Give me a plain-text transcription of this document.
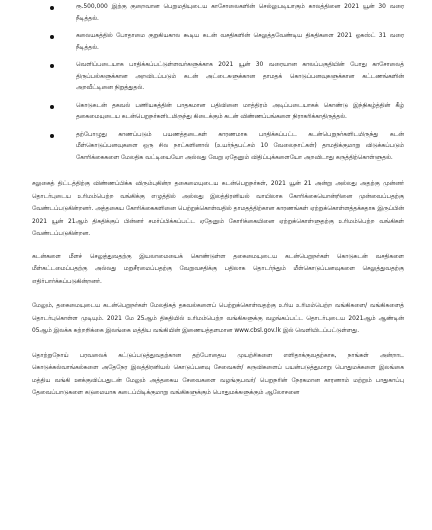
ரூ.500,000 இற்கு குறைவான பெறுமதியுடைய காசோலைகளின் செல்லுபடியாகும் காலத்தினை 2021 யூன் 30 வரை நீடித்தல்.
கலையகத்தில் போதாமை குறுகியகால கூடிய கடன் வசதிகளின் செலுத்தவேண்டிய திகதிகளை 2021 ஓகஸ்ட் 31 வரை நீடித்தல்.
வெளிப்படையாக பாதிக்கப்பட்டுள்ளவர்களுக்காக 2021 யூன் 30 வரையான காலப்பகுதியின் போது காசோலைத் திருப்பல்களுக்கான அறவிடப்படும் கடன் அட்டைகளுக்கான தாமதக் கொடுப்பனவுகளுக்கான கட்டணங்களின் அறவீட்டினை நிறுத்துதல்.
கொடுகடன் தகவல் பணியகத்தின் பாதகமான பதிவினை மாத்திரம் அடிப்படையாகக் கொண்டு இந்நிகழ்த்தின் கீழ் தகைமையுடைய கடன்பெறுநர்களிடமிருந்து கிடைக்கும் கடன் விண்ணப்பங்களை நிராகரிக்காதிருத்தல்.
தற்போழுது காணப்படும் பயணத்தடைகள் காரணமாக பாதிக்கப்பட்ட கடன்பெறுநர்களிடமிருந்து கடன் மீள்கொடுப்பனவுகளை ஒரு சில நாட்களினால் (உயர்ந்தபட்சம் 10 வேலைநாட்கள்) தாமதிக்குமாறு விடுக்கப்படும் கோரிக்கைகளை மேலதிக வட்டியையோ அல்லது வேறு ஏதேனும் விதிப்புக்களையோ அறவிடாது கருத்திற்கொள்ளுதல்.

சலுகைத் திட்டத்திற்கு விண்ணப்பிக்க விரும்புகின்ற தகைமையுடைய கடன்பெறுநர்கள், 2021 யூன் 21 அன்று அல்லது அதற்கு முன்னர் தொடர்புடைய உரிமம்பெற்ற வங்கிக்கு எழுத்தில் அல்லது இலத்திரனியல் வாயிலாக கோரிக்கையொன்றினை முன்வைப்பதற்கு வேண்டப்படுகின்றனர். அத்தகைய கோரிக்கைகளினை பெற்றுக்கொள்வதில் தாமதத்திற்கான காரணங்கள் ஏற்றுக்கொள்ளத்தக்கதாக இருப்பின் 2021 யூன் 21ஆம் திகதிக்குப் பின்னர் சமர்ப்பிக்கப்பட்ட ஏதேனும் கோரிக்கையினை ஏற்றுக்கொள்ளுதற்கு உரிமம்பெற்ற வங்கிகள் வேண்டப்படுகின்றன.

கடன்களை மீளச் செலுத்துவதற்கு இயலாமையைக் கொண்டுள்ள தகைமையுடைய கடன்பெறுநர்கள் கொடுகடன் வசதிகளை மீள்கட்டமைப்பதற்கு அல்லது மறுசீரமைப்பதற்கு வேறுவசதிக்கு பதிலாக தொடர்ந்தும் மீள்கொடுப்பனவுகளை செலுத்துவதற்கு எதிர்பார்க்கப்படுகின்றனர்.

மேலும், தகைமையுடைய கடன்பெறுநர்கள் மேலதிகத் தகவல்களைப் பெற்றுக்கொள்வதற்கு உரிய உரிமம்பெற்ற வங்கிகளை/ வங்கிகளைத் தொடர்புகொள்ள முடியும். 2021 மே 25ஆம் திகதியில் உரிமம்பெற்ற வங்கிகளுக்கு வழங்கப்பட்ட தொடர்புடைய 2021ஆம் ஆண்டின் 05ஆம் இலக்க சுற்றறிக்கை இலங்கை மத்திய வங்கியின் இணையத்தளமான www.cbsl.gov.lk இல் வெளியிடப்பட்டுள்ளது.

தொற்றுநோய் பரவலைக் கட்டுப்படுத்துவதற்கான தற்போதைய முயற்சிகளை எளிதாக்குவதற்காக, நாங்கள் அன்றாட கொடுக்கல்வாங்கல்களை அதேநேர இலத்திரனியல் கொடுப்பனவு சேவைகள்/ கருவிகளைப் பயன்படுத்துமாறு பொதுமக்களை இலங்கை மத்திய வங்கி ஊக்குவிப்பதுடன் மேலும் அத்தகைய சேவைகளை வழங்குபவர்/ பெறுநரின் நேரகமான காரணாம் மற்றும் பாதுகாப்பு தேவைப்பாடுகளை கடுமையாக கடைப்பிடிக்குமாறு வங்கிகளுக்கும் பொதுமக்களுக்கும் ஆலோசனை
